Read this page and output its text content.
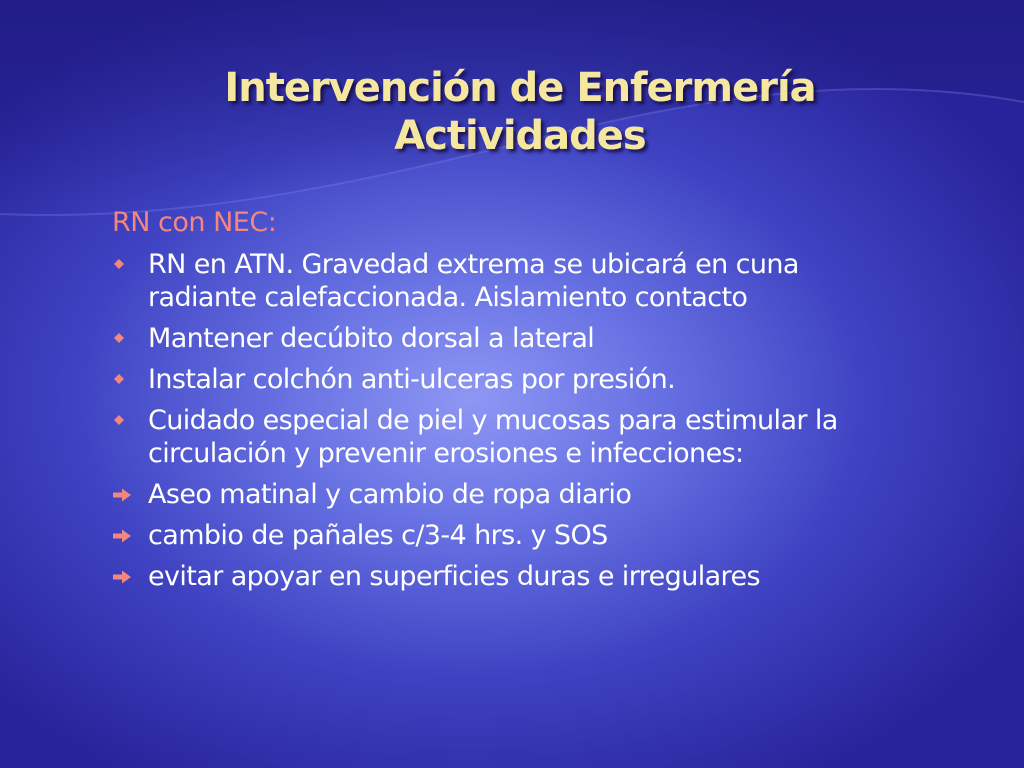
Intervención de Enfermería
Actividades

RN con NEC:

RN en ATN. Gravedad extrema se ubicará en cuna radiante calefaccionada. Aislamiento contacto
Mantener decúbito dorsal a lateral
Instalar colchón anti-ulceras por presión.
Cuidado especial de piel y mucosas para estimular la circulación y prevenir erosiones e infecciones:
Aseo matinal y cambio de ropa diario
cambio de pañales c/3-4 hrs. y SOS
evitar apoyar en superficies duras e irregulares
